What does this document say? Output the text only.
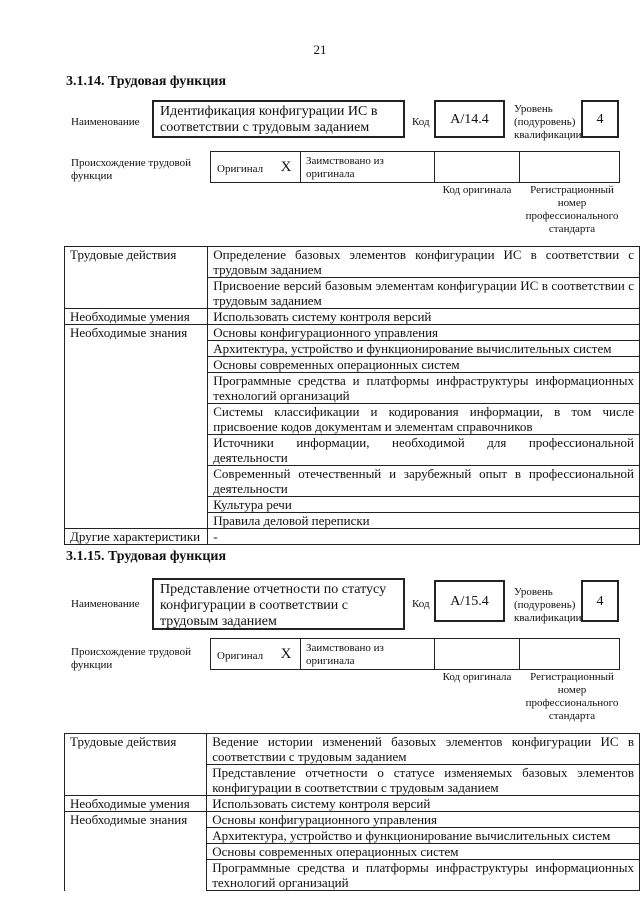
21
3.1.14. Трудовая функция
Наименование
Идентификация конфигурации ИС в соответствии с трудовым заданием	Код	А/14.4
Уровень (подуровень) квалификации
4
Происхождение трудовой функции
Оригинал	X	Заимствовано из оригинала
Код оригинала	Регистрационный номер профессионального стандарта
Трудовые действия	Определение базовых элементов конфигурации ИС в соответствии с трудовым заданием
	Присвоение версий базовым элементам конфигурации ИС в соответствии с трудовым заданием
Необходимые умения	Использовать систему контроля версий
Необходимые знания	Основы конфигурационного управления
	Архитектура, устройство и функционирование вычислительных систем
	Основы современных операционных систем
	Программные средства и платформы инфраструктуры информационных технологий организаций
	Системы классификации и кодирования информации, в том числе присвоение кодов документам и элементам справочников
	Источники информации, необходимой для профессиональной деятельности
	Современный отечественный и зарубежный опыт в профессиональной деятельности
	Культура речи
	Правила деловой переписки
Другие характеристики	-
3.1.15. Трудовая функция
Наименование
Представление отчетности по статусу конфигурации в соответствии с трудовым заданием
Код	А/15.4
Уровень (подуровень) квалификации
4
Происхождение трудовой функции
Оригинал	X	Заимствовано из оригинала
Код оригинала	Регистрационный номер профессионального стандарта
Трудовые действия	Ведение истории изменений базовых элементов конфигурации ИС в соответствии с трудовым заданием
	Представление отчетности о статусе изменяемых базовых элементов конфигурации в соответствии с трудовым заданием
Необходимые умения	Использовать систему контроля версий
Необходимые знания	Основы конфигурационного управления
	Архитектура, устройство и функционирование вычислительных систем
	Основы современных операционных систем
	Программные средства и платформы инфраструктуры информационных технологий организаций
